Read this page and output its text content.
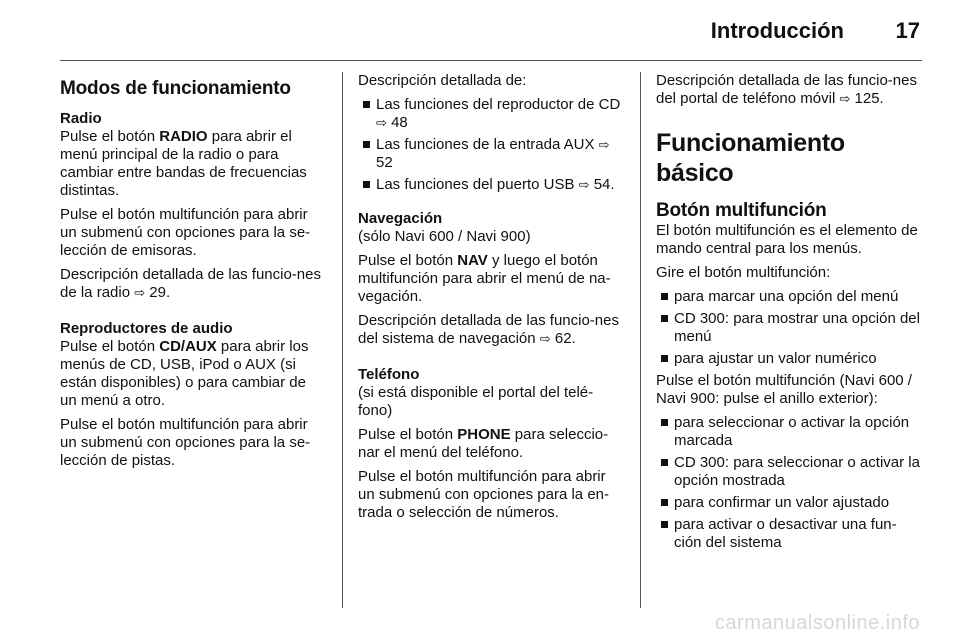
Introducción 17
Modos de funcionamiento
Radio
Pulse el botón RADIO para abrir el menú principal de la radio o para cambiar entre bandas de frecuencias distintas.
Pulse el botón multifunción para abrir un submenú con opciones para la se-lección de emisoras.
Descripción detallada de las funcio-nes de la radio ⇨ 29.
Reproductores de audio
Pulse el botón CD/AUX para abrir los menús de CD, USB, iPod o AUX (si están disponibles) o para cambiar de un menú a otro.
Pulse el botón multifunción para abrir un submenú con opciones para la se-lección de pistas.
Descripción detallada de:
Las funciones del reproductor de CD ⇨ 48
Las funciones de la entrada AUX ⇨ 52
Las funciones del puerto USB ⇨ 54.
Navegación
(sólo Navi 600 / Navi 900)
Pulse el botón NAV y luego el botón multifunción para abrir el menú de na-vegación.
Descripción detallada de las funcio-nes del sistema de navegación ⇨ 62.
Teléfono
(si está disponible el portal del telé-fono)
Pulse el botón PHONE para seleccio-nar el menú del teléfono.
Pulse el botón multifunción para abrir un submenú con opciones para la en-trada o selección de números.
Descripción detallada de las funcio-nes del portal de teléfono móvil ⇨ 125.
Funcionamiento básico
Botón multifunción
El botón multifunción es el elemento de mando central para los menús.
Gire el botón multifunción:
para marcar una opción del menú
CD 300: para mostrar una opción del menú
para ajustar un valor numérico
Pulse el botón multifunción (Navi 600 / Navi 900: pulse el anillo exterior):
para seleccionar o activar la opción marcada
CD 300: para seleccionar o activar la opción mostrada
para confirmar un valor ajustado
para activar o desactivar una fun-ción del sistema
carmanualsonline.info
